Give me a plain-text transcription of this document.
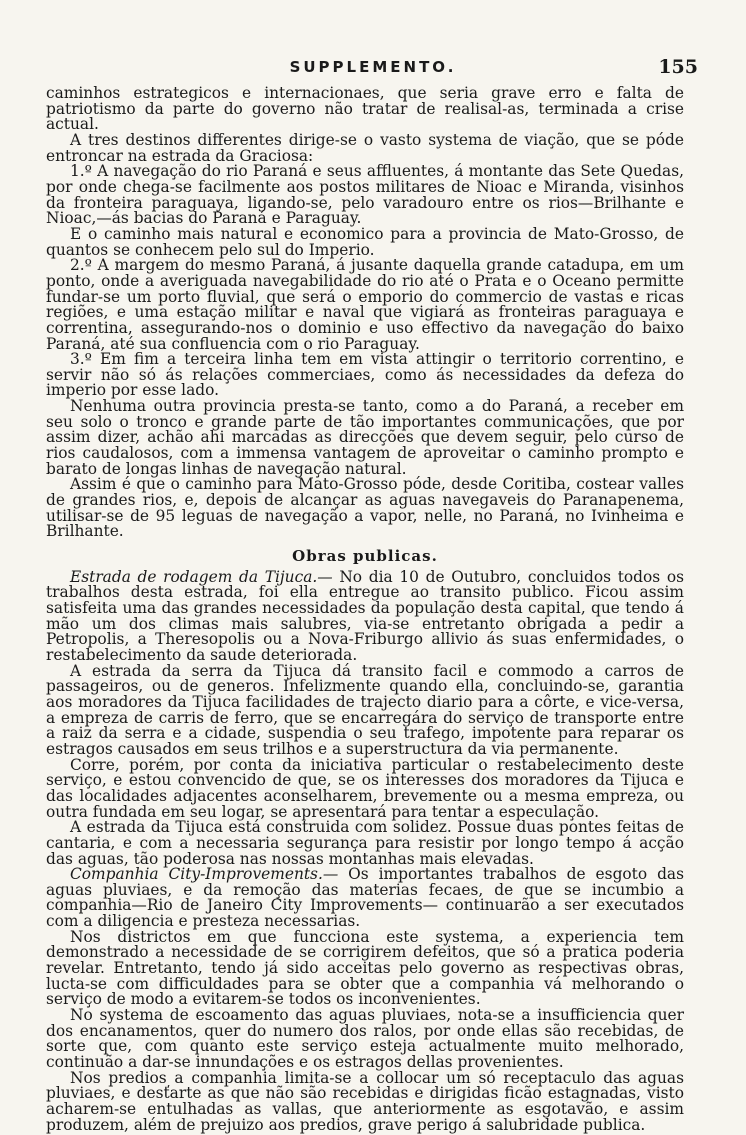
SUPPLEMENTO.	155

caminhos estrategicos e internacionaes, que seria grave erro e falta de patriotismo da parte do governo não tratar de realisal-as, terminada a crise actual.

A tres destinos differentes dirige-se o vasto systema de viação, que se póde entroncar na estrada da Graciosa:

1.º A navegação do rio Paraná e seus affluentes, á montante das Sete Quedas, por onde chega-se facilmente aos postos militares de Nioac e Miranda, visinhos da fronteira paraguaya, ligando-se, pelo varadouro entre os rios—Brilhante e Nioac,—ás bacias do Paraná e Paraguay.

E o caminho mais natural e economico para a provincia de Mato-Grosso, de quantos se conhecem pelo sul do Imperio.

2.º A margem do mesmo Paraná, á jusante daquella grande catadupa, em um ponto, onde a averiguada navegabilidade do rio até o Prata e o Oceano permitte fundar-se um porto fluvial, que será o emporio do commercio de vastas e ricas regiões, e uma estação militar e naval que vigiará as fronteiras paraguaya e correntina, assegurando-nos o dominio e uso effectivo da navegação do baixo Paraná, até sua confluencia com o rio Paraguay.

3.º Em fim a terceira linha tem em vista attingir o territorio correntino, e servir não só ás relações commerciaes, como ás necessidades da defeza do imperio por esse lado.

Nenhuma outra provincia presta-se tanto, como a do Paraná, a receber em seu solo o tronco e grande parte de tão importantes communicações, que por assim dizer, achão ahi marcadas as direcções que devem seguir, pelo curso de rios caudalosos, com a immensa vantagem de aproveitar o caminho prompto e barato de longas linhas de navegação natural.

Assim é que o caminho para Mato-Grosso póde, desde Coritiba, costear valles de grandes rios, e, depois de alcançar as aguas navegaveis do Paranapenema, utilisar-se de 95 leguas de navegação a vapor, nelle, no Paraná, no Ivinheima e Brilhante.

Obras publicas.

Estrada de rodagem da Tijuca.— No dia 10 de Outubro, concluidos todos os trabalhos desta estrada, foi ella entregue ao transito publico. Ficou assim satisfeita uma das grandes necessidades da população desta capital, que tendo á mão um dos climas mais salubres, via-se entretanto obrigada a pedir a Petropolis, a Theresopolis ou a Nova-Friburgo allivio ás suas enfermidades, o restabelecimento da saude deteriorada.

A estrada da serra da Tijuca dá transito facil e commodo a carros de passageiros, ou de generos. Infelizmente quando ella, concluindo-se, garantia aos moradores da Tijuca facilidades de trajecto diario para a côrte, e vice-versa, a empreza de carris de ferro, que se encarregára do serviço de transporte entre a raiz da serra e a cidade, suspendia o seu trafego, impotente para reparar os estragos causados em seus trilhos e a superstructura da via permanente.

Corre, porém, por conta da iniciativa particular o restabelecimento deste serviço, e estou convencido de que, se os interesses dos moradores da Tijuca e das localidades adjacentes aconselharem, brevemente ou a mesma empreza, ou outra fundada em seu logar, se apresentará para tentar a especulação.

A estrada da Tijuca está construida com solidez. Possue duas pontes feitas de cantaria, e com a necessaria segurança para resistir por longo tempo á acção das aguas, tão poderosa nas nossas montanhas mais elevadas.

Companhia City-Improvements.— Os importantes trabalhos de esgoto das aguas pluviaes, e da remoção das materias fecaes, de que se incumbio a companhia—Rio de Janeiro City Improvements— continuarão a ser executados com a diligencia e presteza necessarias.

Nos districtos em que funcciona este systema, a experiencia tem demonstrado a necessidade de se corrigirem defeitos, que só a pratica poderia revelar. Entretanto, tendo já sido acceitas pelo governo as respectivas obras, lucta-se com difficuldades para se obter que a companhia vá melhorando o serviço de modo a evitarem-se todos os inconvenientes.

No systema de escoamento das aguas pluviaes, nota-se a insufficiencia quer dos encanamentos, quer do numero dos ralos, por onde ellas são recebidas, de sorte que, com quanto este serviço esteja actualmente muito melhorado, continuão a dar-se innundações e os estragos dellas provenientes.

Nos predios a companhia limita-se a collocar um só receptaculo das aguas pluviaes, e desťarte as que não são recebidas e dirigidas ficão estagnadas, visto acharem-se entulhadas as vallas, que anteriormente as esgotavão, e assim produzem, além de prejuizo aos predios, grave perigo á salubridade publica.
